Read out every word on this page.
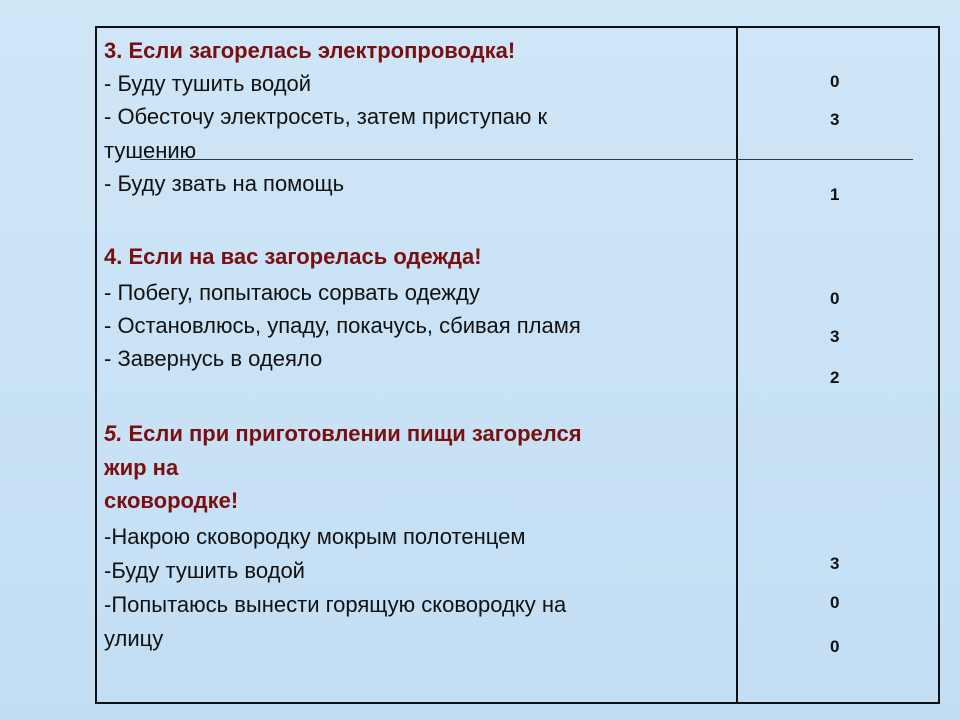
3. Если загорелась электропроводка!
- Буду тушить водой
- Обесточу электросеть, затем приступаю к
тушению
- Буду звать на помощь
0
3
1
4. Если на вас загорелась одежда!
- Побегу, попытаюсь сорвать одежду
- Остановлюсь, упаду, покачусь, сбивая пламя
- Завернусь в одеяло
0
3
2
5. Если при приготовлении пищи загорелся
жир на
сковородке!
-Накрою сковородку мокрым полотенцем
-Буду тушить водой
-Попытаюсь вынести горящую сковородку на
улицу
3
0
0
